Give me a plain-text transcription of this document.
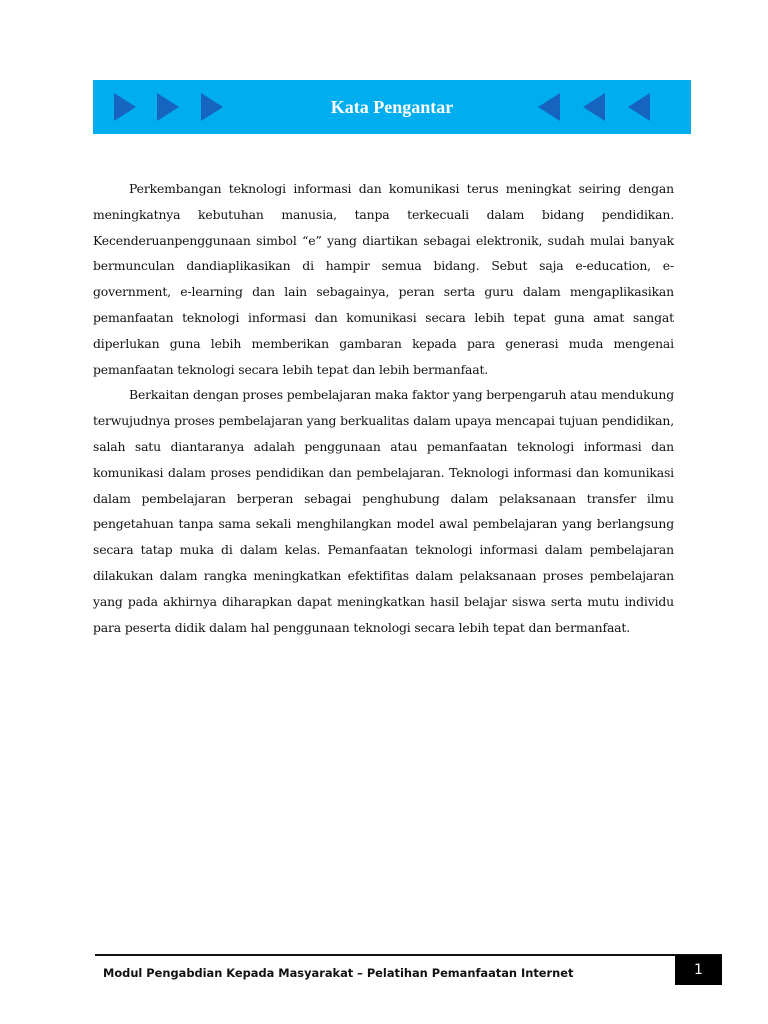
Kata Pengantar

Perkembangan teknologi informasi dan komunikasi terus meningkat seiring dengan meningkatnya kebutuhan manusia, tanpa terkecuali dalam bidang pendidikan. Kecenderuanpenggunaan simbol “e” yang diartikan sebagai elektronik, sudah mulai banyak bermunculan dandiaplikasikan di hampir semua bidang. Sebut saja e-education, e-government, e-learning dan lain sebagainya, peran serta guru dalam mengaplikasikan pemanfaatan teknologi informasi dan komunikasi secara lebih tepat guna amat sangat diperlukan guna lebih memberikan gambaran kepada para generasi muda mengenai pemanfaatan teknologi secara lebih tepat dan lebih bermanfaat.

Berkaitan dengan proses pembelajaran maka faktor yang berpengaruh atau mendukung terwujudnya proses pembelajaran yang berkualitas dalam upaya mencapai tujuan pendidikan, salah satu diantaranya adalah penggunaan atau pemanfaatan teknologi informasi dan komunikasi dalam proses pendidikan dan pembelajaran. Teknologi informasi dan komunikasi dalam pembelajaran berperan sebagai penghubung dalam pelaksanaan transfer ilmu pengetahuan tanpa sama sekali menghilangkan model awal pembelajaran yang berlangsung secara tatap muka di dalam kelas. Pemanfaatan teknologi informasi dalam pembelajaran dilakukan dalam rangka meningkatkan efektifitas dalam pelaksanaan proses pembelajaran yang pada akhirnya diharapkan dapat meningkatkan hasil belajar siswa serta mutu individu para peserta didik dalam hal penggunaan teknologi secara lebih tepat dan bermanfaat.

Modul Pengabdian Kepada Masyarakat – Pelatihan Pemanfaatan Internet	1
